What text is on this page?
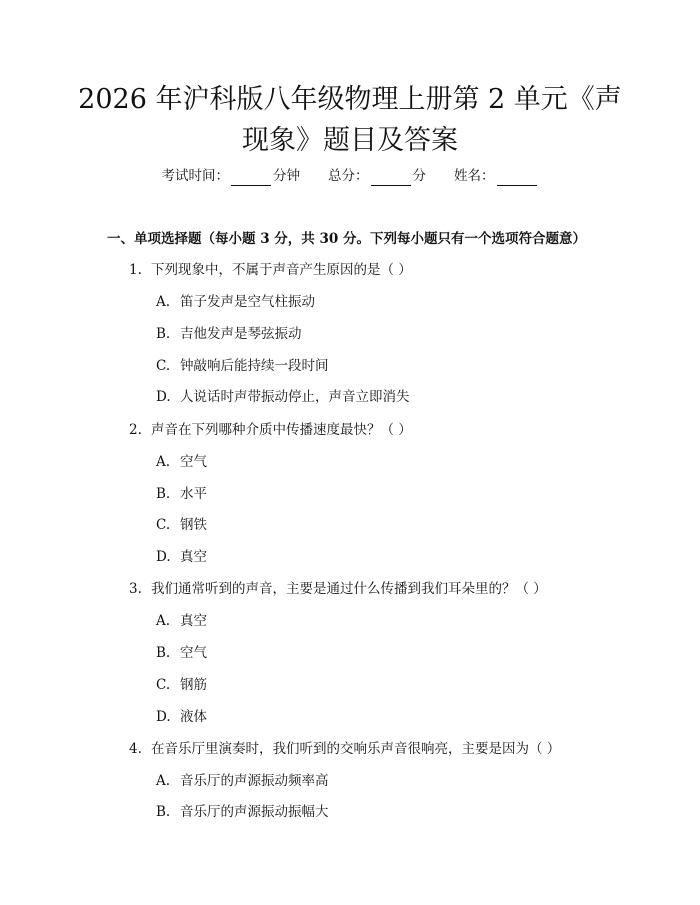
2026 年沪科版八年级物理上册第 2 单元《声
现象》题目及答案
考试时间：	分钟 总分：	分 姓名：
一、单项选择题（每小题 3 分，共 30 分。下列每小题只有一个选项符合题意）
1. 下列现象中，不属于声音产生原因的是（ ）
A. 笛子发声是空气柱振动
B. 吉他发声是琴弦振动
C. 钟敲响后能持续一段时间
D. 人说话时声带振动停止，声音立即消失
2. 声音在下列哪种介质中传播速度最快？（ ）
A. 空气
B. 水平
C. 钢铁
D. 真空
3. 我们通常听到的声音，主要是通过什么传播到我们耳朵里的？（ ）
A. 真空
B. 空气
C. 钢筋
D. 液体
4. 在音乐厅里演奏时，我们听到的交响乐声音很响亮，主要是因为（ ）
A. 音乐厅的声源振动频率高
B. 音乐厅的声源振动振幅大
